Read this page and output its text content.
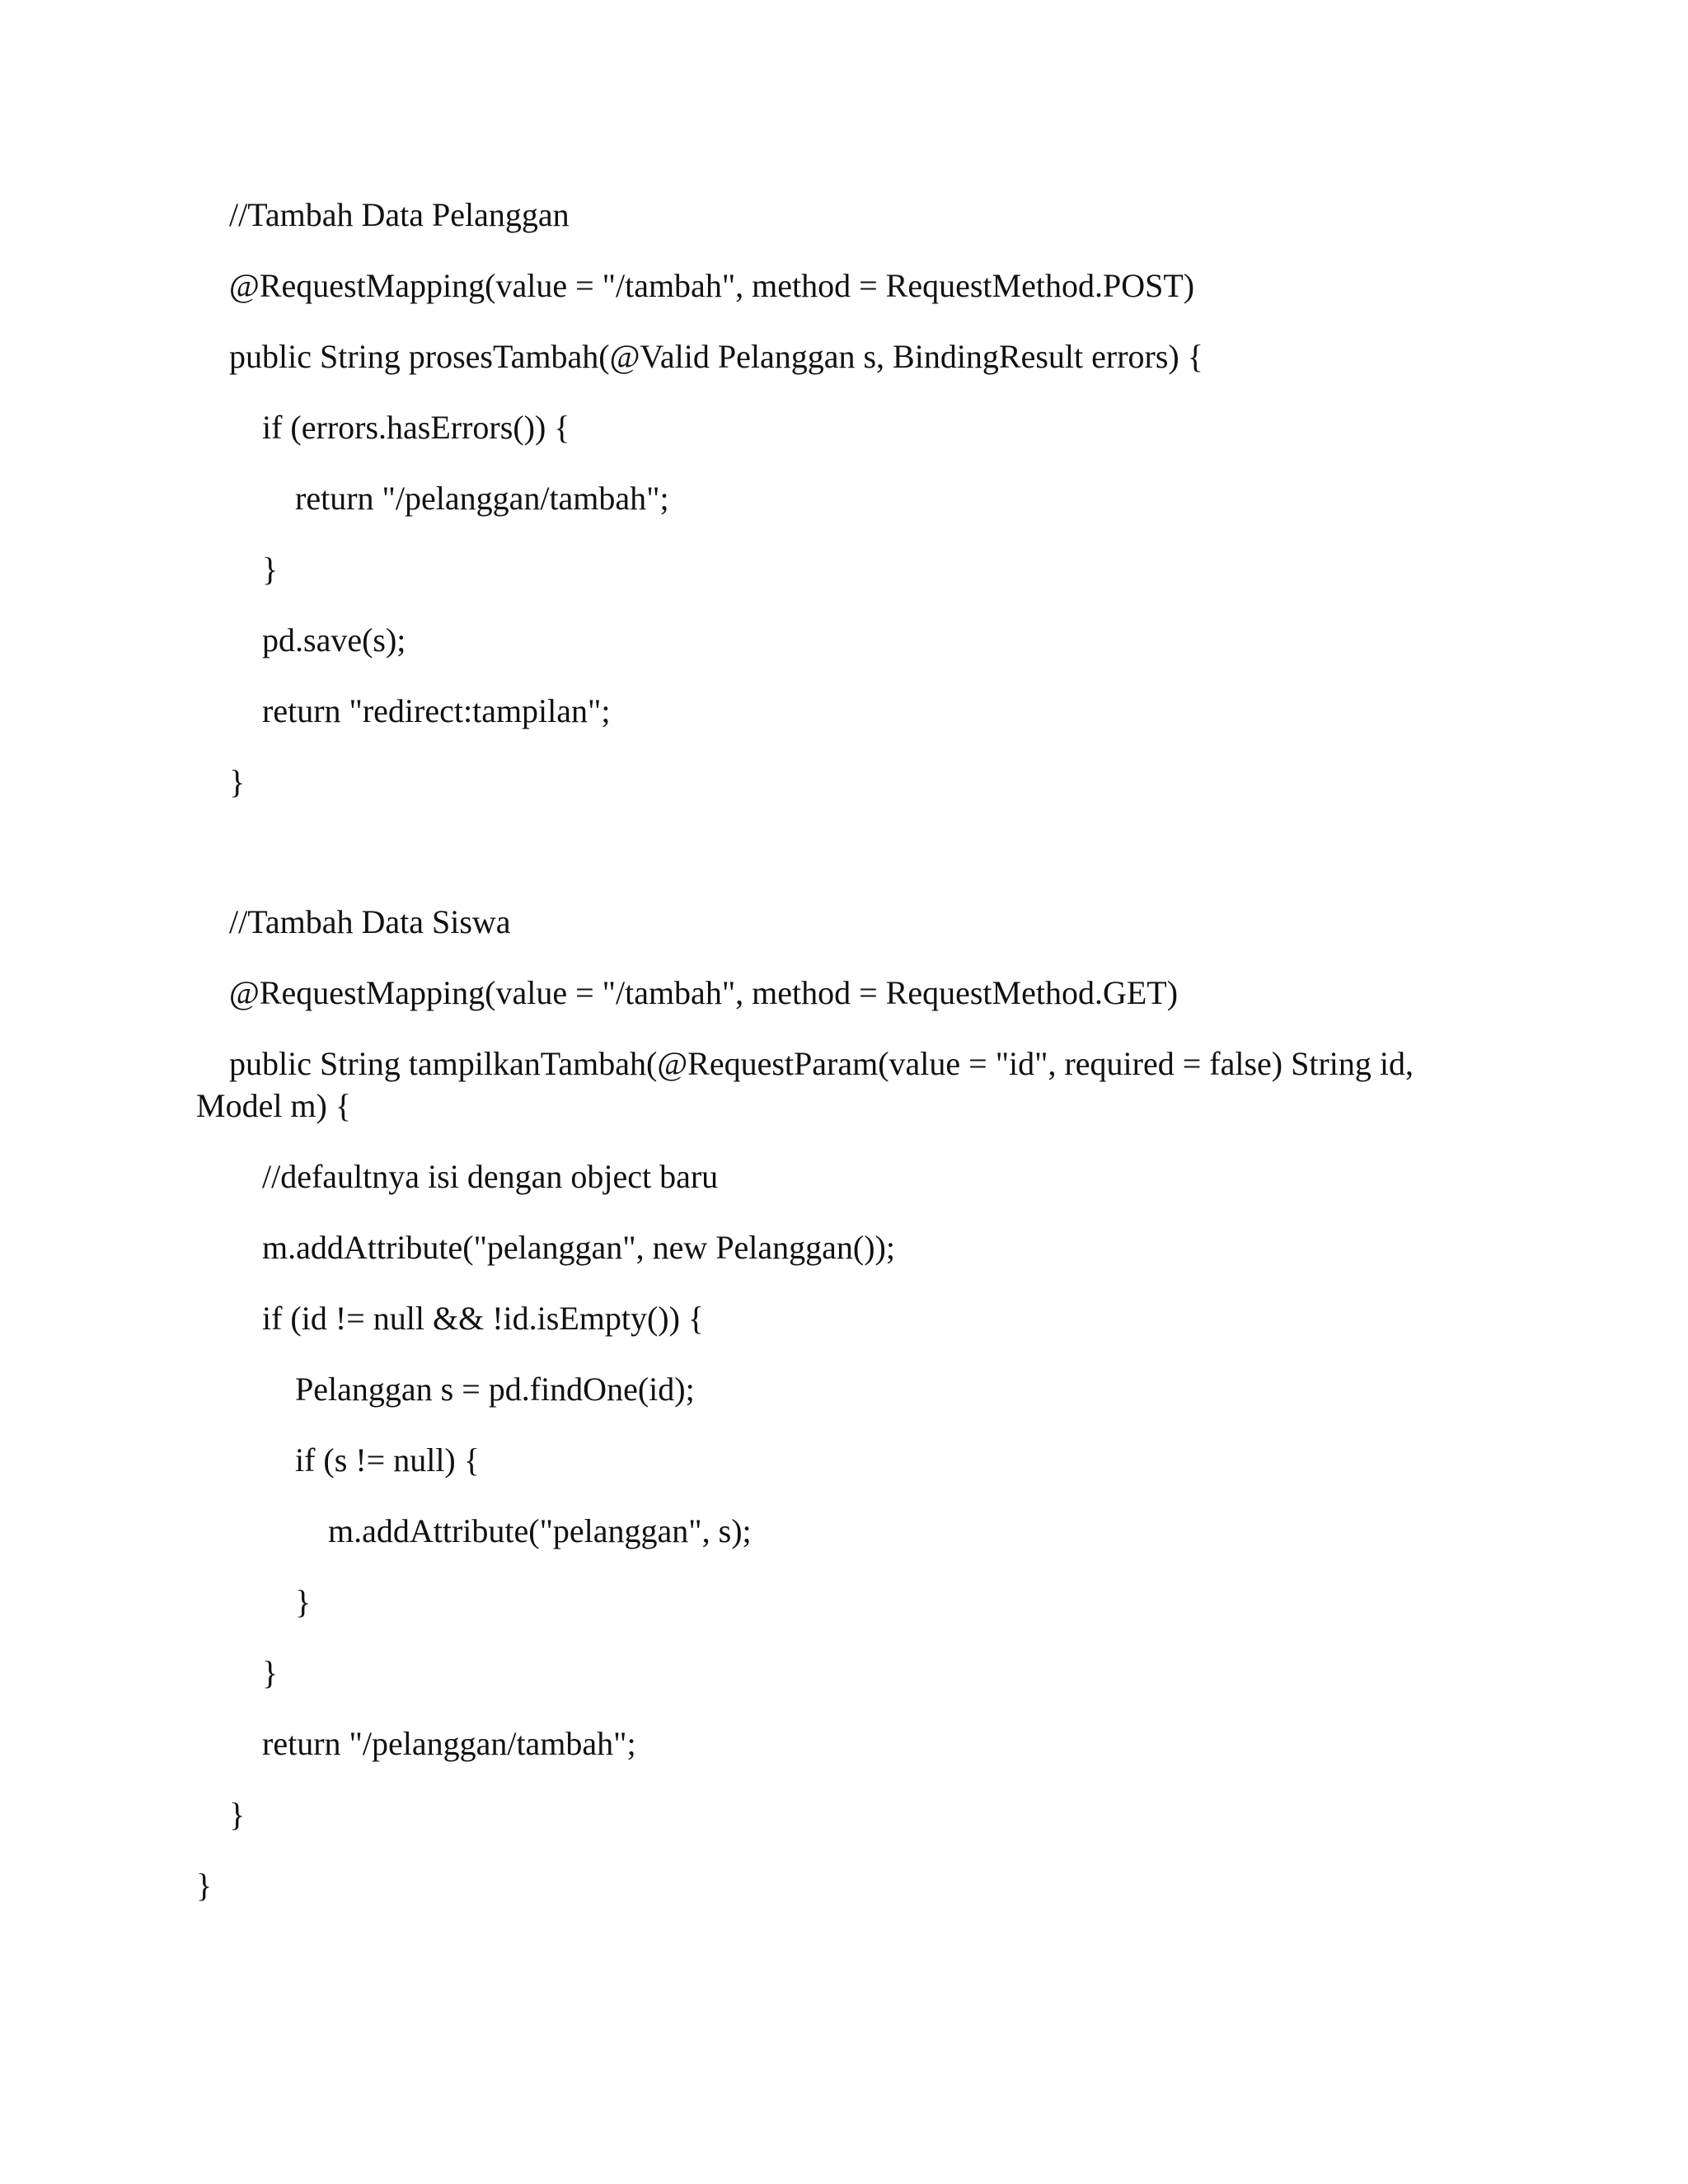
//Tambah Data Pelanggan

@RequestMapping(value = "/tambah", method = RequestMethod.POST)

public String prosesTambah(@Valid Pelanggan s, BindingResult errors) {

if (errors.hasErrors()) {

return "/pelanggan/tambah";

}

pd.save(s);

return "redirect:tampilan";

}

//Tambah Data Siswa

@RequestMapping(value = "/tambah", method = RequestMethod.GET)

public String tampilkanTambah(@RequestParam(value = "id", required = false) String id,

Model m) {

//defaultnya isi dengan object baru

m.addAttribute("pelanggan", new Pelanggan());

if (id != null && !id.isEmpty()) {

Pelanggan s = pd.findOne(id);

if (s != null) {

m.addAttribute("pelanggan", s);

}

}

return "/pelanggan/tambah";

}

}
